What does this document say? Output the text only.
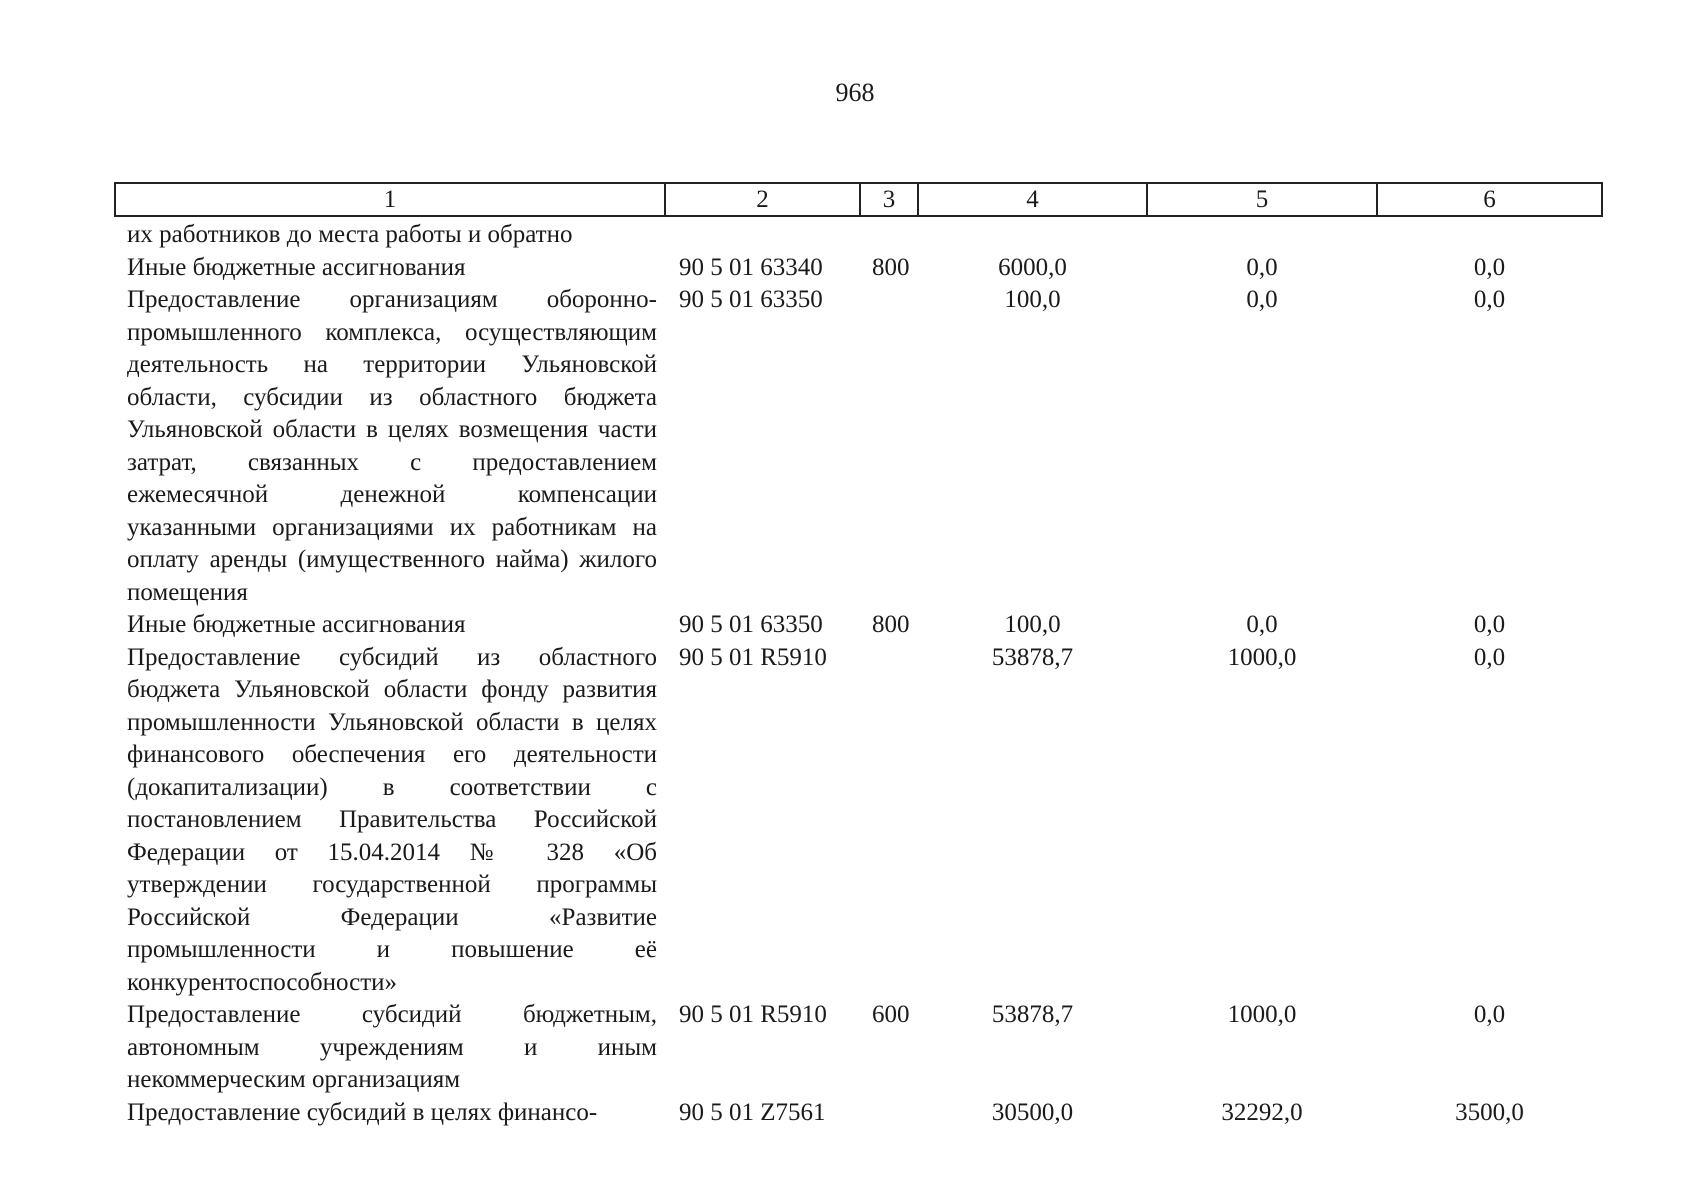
968
1	2	3	4	5	6
их работников до места работы и обратно					
Иные бюджетные ассигнования	90 5 01 63340	800	6000,0	0,0	0,0
Предоставление организациям оборонно-промышленного комплекса, осуществляющим деятельность на территории Ульяновской области, субсидии из областного бюджета Ульяновской области в целях возмещения части затрат, связанных с предоставлением ежемесячной денежной компенсации указанными организациями их работникам на оплату аренды (имущественного найма) жилого помещения	90 5 01 63350		100,0	0,0	0,0
Иные бюджетные ассигнования	90 5 01 63350	800	100,0	0,0	0,0
Предоставление субсидий из областного бюджета Ульяновской области фонду развития промышленности Ульяновской области в целях финансового обеспечения его деятельности (докапитализации) в соответствии с постановлением Правительства Российской Федерации от 15.04.2014 № 328 «Об утверждении государственной программы Российской Федерации «Развитие промышленности и повышение её конкурентоспособности»	90 5 01 R5910		53878,7	1000,0	0,0
Предоставление субсидий бюджетным, автономным учреждениям и иным некоммерческим организациям	90 5 01 R5910	600	53878,7	1000,0	0,0
Предоставление субсидий в целях финансо-	90 5 01 Z7561		30500,0	32292,0	3500,0
